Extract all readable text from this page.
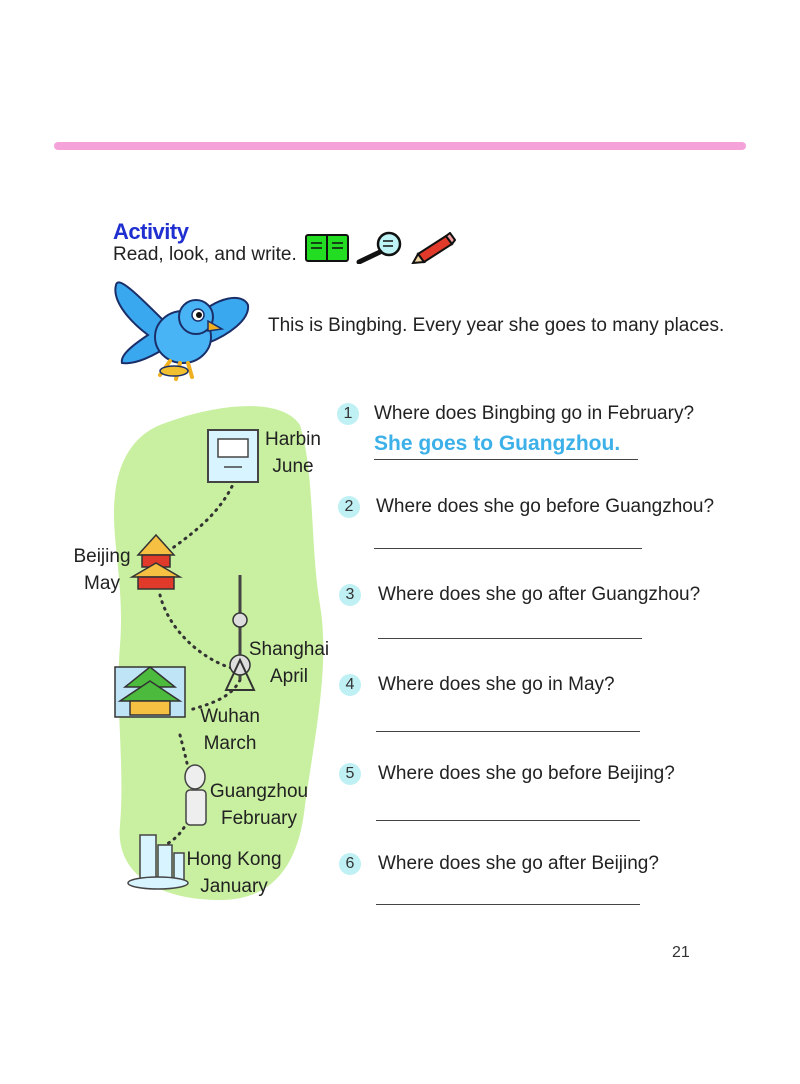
Activity
Read, look, and write.
This is Bingbing. Every year she goes to many places.
Harbin
June
Beijing
May
Shanghai
April
Wuhan
March
Guangzhou
February
Hong Kong
January
1	Where does Bingbing go in February?
She goes to Guangzhou.
2	Where does she go before Guangzhou?
3	Where does she go after Guangzhou?
4	Where does she go in May?
5	Where does she go before Beijing?
6	Where does she go after Beijing?
21
